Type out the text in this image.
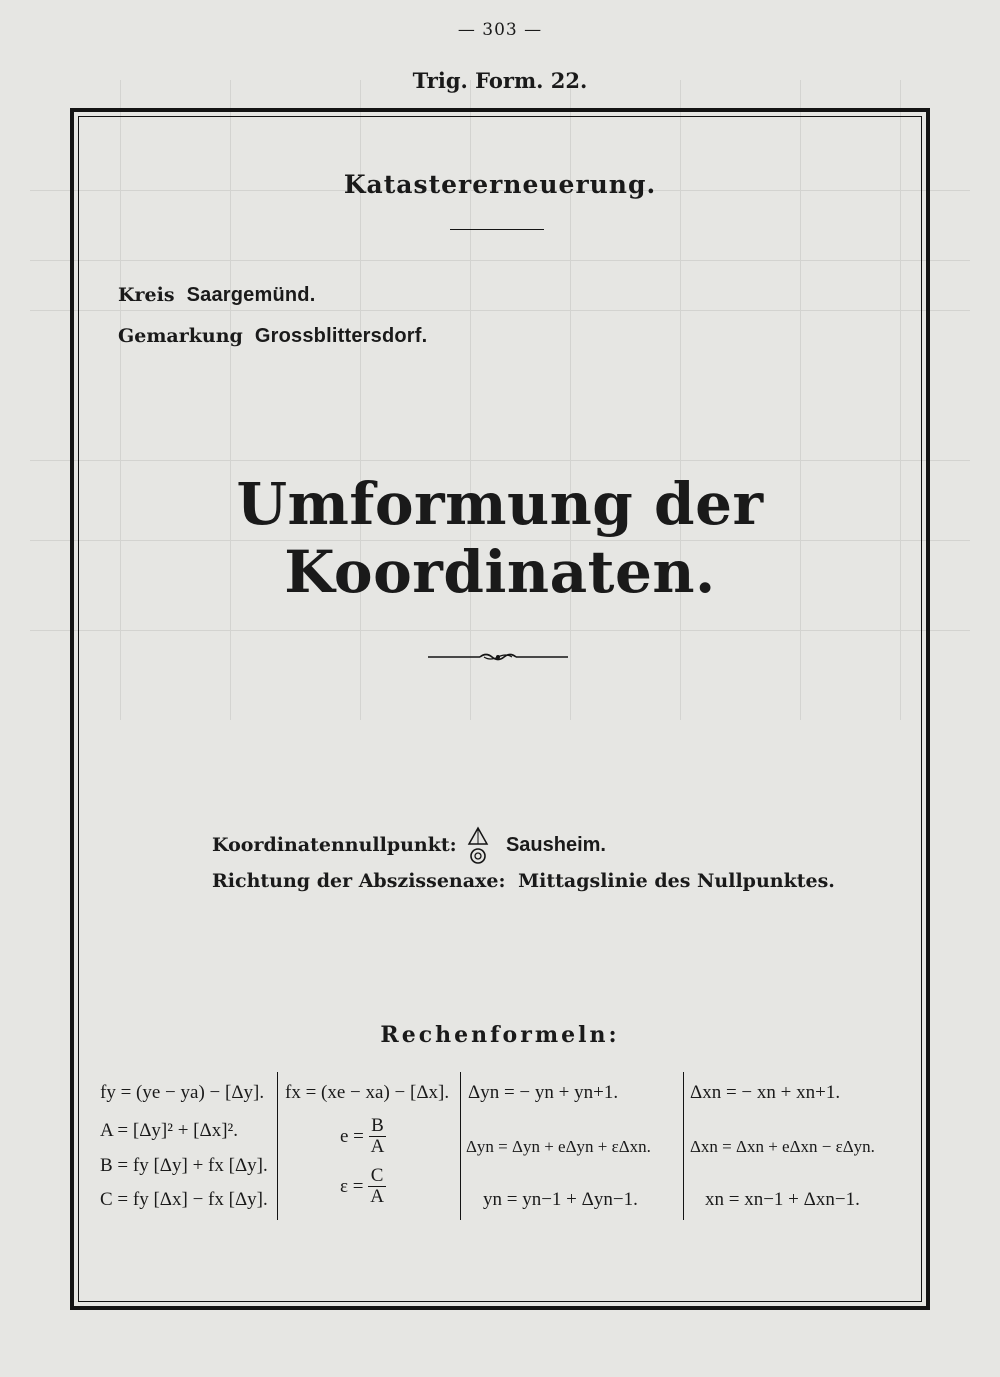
— 303 —
Trig. Form. 22.
Katastererneuerung.
Kreis Saargemünd.
Gemarkung Grossblittersdorf.
Umformung der Koordinaten.
Koordinatennullpunkt: Sausheim.
Richtung der Abszissenaxe: Mittagslinie des Nullpunktes.
Rechenformeln:
fy = (ye − ya) − [Δy].
A = [Δy]² + [Δx]².
B = fy [Δy] + fx [Δy].
C = fy [Δx] − fx [Δy].
fx = (xe − xa) − [Δx].
$e = \frac{B}{A}$
$\varepsilon = \frac{C}{A}$
Δyn = − yn + yn+1.
Δyn = Δyn + eΔyn + εΔxn.
yn = yn−1 + Δyn−1.
Δxn = − xn + xn+1.
Δxn = Δxn + eΔxn − εΔyn.
xn = xn−1 + Δxn−1.
